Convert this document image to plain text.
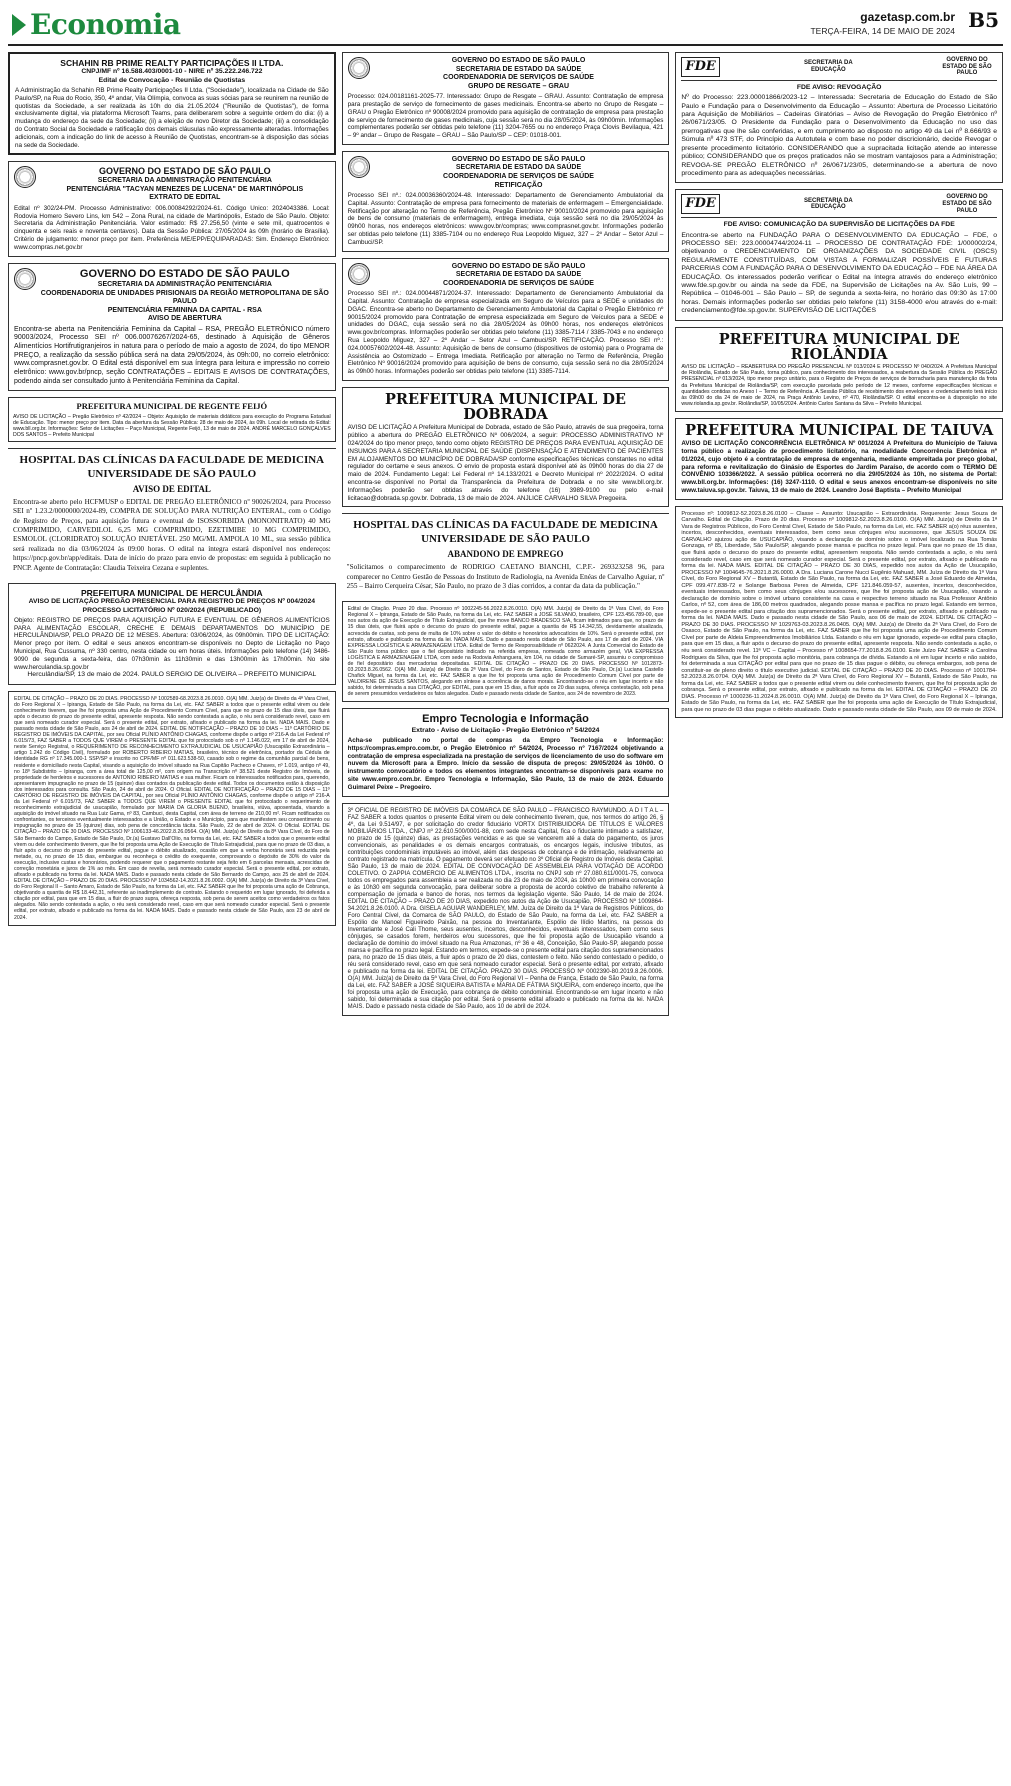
Economia	gazetasp.com.br
TERÇA-FEIRA, 14 DE MAIO DE 2024 B5
SCHAHIN RB PRIME REALTY PARTICIPAÇÕES II LTDA.
CNPJ/MF nº 16.588.403/0001-10 - NIRE nº 35.222.246.722
Edital de Convocação - Reunião de Quotistas
A Administração da Schahin RB Prime Realty Participações II Ltda. ("Sociedade"), localizada na Cidade de São Paulo/SP, na Rua do Rocio, 350, 4º andar, Vila Olímpia, convoca as suas sócias para se reunirem na reunião de quotistas da Sociedade, a ser realizada às 10h do dia 21.05.2024 ("Reunião de Quotistas"), de forma exclusivamente digital, via plataforma Microsoft Teams, para deliberarem sobre a seguinte ordem do dia: (i) a mudança do endereço da sede da Sociedade; (ii) a eleição de novo Diretor da Sociedade; (iii) a consolidação do Contrato Social da Sociedade e ratificação dos demais cláusulas não expressamente alteradas. Informações adicionais, com a indicação do link de acesso à Reunião de Quotistas, encontram-se à disposição das sócias na sede da Sociedade.
GOVERNO DO ESTADO DE SÃO PAULO
SECRETARIA DA ADMINISTRAÇÃO PENITENCIÁRIA
PENITENCIÁRIA "TACYAN MENEZES DE LUCENA" DE MARTINÓPOLIS
EXTRATO DE EDITAL
Edital nº 302/24-PM. Processo Administrativo: 006.00084292/2024-61. Código Unico: 2024043386. Local: Rodovia Homero Severo Lins, km 542 – Zona Rural, na cidade de Martinópolis, Estado de São Paulo. Objeto: Secretaria da Administração Penitenciária. Valor estimado: R$ 27.256,50 (vinte e sete mil, quatrocentos e cinquenta e seis reais e noventa centavos). Data da Sessão Pública: 27/05/2024 às 09h (horário de Brasília). Critério de julgamento: menor preço por item. Preferência ME/EPP/EQUIPARADAS: Sim. Endereço Eletrônico: www.compras.net.gov.br
GOVERNO DO ESTADO DE SÃO PAULO
SECRETARIA DA ADMINISTRAÇÃO PENITENCIÁRIA
COORDENADORIA DE UNIDADES PRISIONAIS DA REGIÃO METROPOLITANA DE SÃO PAULO
PENITENCIÁRIA FEMININA DA CAPITAL - RSA
AVISO DE ABERTURA
Encontra-se aberta na Penitenciária Feminina da Capital – RSA, PREGÃO ELETRÔNICO número 90003/2024, Processo SEI nº 006.00076267/2024-65, destinado à Aquisição de Gêneros Alimentícios Hortifrutigranjeiros in natura para o período de maio a agosto de 2024, do tipo MENOR PREÇO, a realização da sessão pública será na data 29/05/2024, às 09h:00, no correio eletrônico: www.comprasnet.gov.br. O Edital está disponível em sua íntegra para leitura e impressão no correio eletrônico: www.gov.br/pncp, seção CONTRATAÇÕES – EDITAIS E AVISOS DE CONTRATAÇÕES, podendo ainda ser consultado junto à Penitenciária Feminina da Capital.
PREFEITURA MUNICIPAL DE REGENTE FEIJÓ
AVISO DE LICITAÇÃO – Pregão Eletrônico nº 42/2024 – Objeto: Aquisição de materiais didáticos para execução do Programa Estadual de Educação. Tipo: menor preço por item. Data da abertura da Sessão Pública: 28 de maio de 2024, às 09h. Local de retirada do Edital: www.bll.org.br. Informações: Setor de Licitações – Paço Municipal, Regente Feijó, 13 de maio de 2024. ANDRÉ MARCELO GONÇALVES DOS SANTOS – Prefeito Municipal
HOSPITAL DAS CLÍNICAS DA FACULDADE DE MEDICINA UNIVERSIDADE DE SÃO PAULO
AVISO DE EDITAL
Encontra-se aberto pelo HCFMUSP o EDITAL DE PREGÃO ELETRÔNICO nº 90026/2024, para Processo SEI nº 1.23.2/0000000/2024-89, COMPRA DE SOLUÇÃO PARA NUTRIÇÃO ENTERAL, com o Código de Registro de Preços, para aquisição futura e eventual de ISOSSORBIDA (MONONITRATO) 40 MG COMPRIMIDO, CARVEDILOL 6,25 MG COMPRIMIDO, EZETIMIBE 10 MG COMPRIMIDO, ESMOLOL (CLORIDRATO) SOLUÇÃO INJETÁVEL 250 MG/ML AMPOLA 10 ML, sua sessão pública será realizada no dia 03/06/2024 às 09:00 horas. O edital na íntegra estará disponível nos endereços: https://pncp.gov.br/app/editais. Data de início do prazo para envio de propostas: em seguida à publicação no PNCP. Agente de Contratação: Claudia Teixeira Cezana e suplentes.
PREFEITURA MUNICIPAL DE HERCULÂNDIA
AVISO DE LICITAÇÃO PREGÃO PRESENCIAL PARA REGISTRO DE PREÇOS Nº 004/2024
PROCESSO LICITATÓRIO Nº 020/2024 (REPUBLICADO)
Objeto: REGISTRO DE PREÇOS PARA AQUISIÇÃO FUTURA E EVENTUAL DE GÊNEROS ALIMENTÍCIOS PARA ALIMENTAÇÃO ESCOLAR, CRECHE E DEMAIS DEPARTAMENTOS DO MUNICÍPIO DE HERCULÂNDIA/SP, PELO PRAZO DE 12 MESES. Abertura: 03/06/2024, às 09h00min. TIPO DE LICITAÇÃO: Menor preço por item. O edital e seus anexos encontram-se disponíveis no Depto de Licitação no Paço Municipal, Rua Cussuma, nº 330 centro, nesta cidade ou em horas úteis. Informações pelo telefone (14) 3486-9090 de segunda a sexta-feira, das 07h30min às 11h30min e das 13h00min às 17h00min. No site www.herculandia.sp.gov.br
Herculândia/SP, 13 de maio de 2024. PAULO SERGIO DE OLIVEIRA – PREFEITO MUNICIPAL
EDITAL DE CITAÇÃO – PRAZO DE 20 DIAS. PROCESSO Nº 1002589-68.2023.8.26.0010. O(A) MM. Juiz(a) de Direito da 4ª Vara Cível, do Foro Regional X – Ipiranga, Estado de São Paulo, na forma da Lei, etc. FAZ SABER a todos que o presente edital virem ou dele conhecimento tiverem, que lhe foi proposta uma Ação de Procedimento Comum Cível, para que no prazo de 15 dias úteis, que fluirá após o decurso do prazo do presente edital, apresente resposta. Não sendo contestada a ação, o réu será considerado revel, caso em que será nomeado curador especial. Será o presente edital, por extrato, afixado e publicado na forma da lei. NADA MAIS. Dado e passado nesta cidade de São Paulo, aos 24 de abril de 2024. EDITAL DE NOTIFICAÇÃO – PRAZO DE 10 DIAS – 11º CARTÓRIO DE REGISTRO DE IMÓVEIS DA CAPITAL, por seu Oficial PLÍNIO ANTÔNIO CHAGAS, conforme dispõe o artigo nº 216-A da Lei Federal nº 6.015/73, FAZ SABER a TODOS QUE VIREM o PRESENTE EDITAL que foi protocolado sob o nº 1.146.022, em 17 de abril de 2024, neste Serviço Registral, o REQUERIMENTO DE RECONHECIMENTO EXTRAJUDICIAL DE USUCAPIÃO (Usucapião Extraordinária – artigo 1.242 do Código Civil), formulado por ROBERTO RIBEIRO MATIAS, brasileiro, técnico de eletrônica, portador da Cédula de Identidade RG nº 17.345.000-1 SSP/SP e inscrito no CPF/MF nº 011.623.538-50, casado sob o regime da comunhão parcial de bens, residente e domiciliado nesta Capital, visando a aquisição do imóvel situado na Rua Capitão Pacheco e Chaves, nº 1.019, antigo nº 49, no 18º Subdistrito – Ipiranga, com a área total de 125,00 m², com origem na Transcrição nº 38.521 deste Registro de Imóveis, de propriedade de herdeiros e sucessores de ANTONIO RIBEIRO MATIAS e sua mulher. Ficam os interessados notificados para, querendo, apresentarem impugnação no prazo de 15 (quinze) dias contados da publicação deste edital. Todos os documentos estão à disposição dos interessados para consulta. São Paulo, 24 de abril de 2024. O Oficial. EDITAL DE NOTIFICAÇÃO – PRAZO DE 15 DIAS – 11º CARTÓRIO DE REGISTRO DE IMÓVEIS DA CAPITAL, por seu Oficial PLÍNIO ANTÔNIO CHAGAS, conforme dispõe o artigo nº 216-A da Lei Federal nº 6.015/73, FAZ SABER a TODOS QUE VIREM o PRESENTE EDITAL que foi protocolado o requerimento de reconhecimento extrajudicial de usucapião, formulado por MARIA DA GLORIA BUENO, brasileira, viúva, aposentada, visando a aquisição do imóvel situado na Rua Luiz Gama, nº 83, Cambuci, desta Capital, com área de terreno de 210,00 m². Ficam notificados os confrontantes, os terceiros eventualmente interessados e a União, o Estado e o Município, para que manifestem seu consentimento ou impugnação no prazo de 15 (quinze) dias, sob pena de concordância tácita. São Paulo, 22 de abril de 2024. O Oficial. EDITAL DE CITAÇÃO – PRAZO DE 30 DIAS. PROCESSO Nº 1006133-46.2022.8.26.0564. O(A) MM. Juiz(a) de Direito da 8ª Vara Cível, do Foro de São Bernardo do Campo, Estado de São Paulo, Dr.(a) Gustavo Dall'Olio, na forma da Lei, etc. FAZ SABER a todos que o presente edital virem ou dele conhecimento tiverem, que lhe foi proposta uma Ação de Execução de Título Extrajudicial, para que no prazo de 03 dias, a fluir após o decurso do prazo do presente edital, pague o débito atualizado, ocasião em que a verba honorária será reduzida pela metade, ou, no prazo de 15 dias, embargue ou reconheça o crédito do exequente, comprovando o depósito de 30% do valor da execução, inclusive custas e honorários, podendo requerer que o pagamento restante seja feito em 6 parcelas mensais, acrescidas de correção monetária e juros de 1% ao mês. Em caso de revelia, será nomeado curador especial. Será o presente edital, por extrato, afixado e publicado na forma da lei. NADA MAIS. Dado e passado nesta cidade de São Bernardo do Campo, aos 25 de abril de 2024. EDITAL DE CITAÇÃO – PRAZO DE 20 DIAS. PROCESSO Nº 1034562-14.2021.8.26.0002. O(A) MM. Juiz(a) de Direito da 3ª Vara Cível, do Foro Regional II – Santo Amaro, Estado de São Paulo, na forma da Lei, etc. FAZ SABER que lhe foi proposta uma ação de Cobrança, objetivando a quantia de R$ 18.442,31, referente ao inadimplemento de contrato. Estando o requerido em lugar ignorado, foi deferida a citação por edital, para que em 15 dias, a fluir do prazo supra, ofereça resposta, sob pena de serem aceitos como verdadeiros os fatos alegados. Não sendo contestada a ação, o réu será considerado revel, caso em que será nomeado curador especial. Será o presente edital, por extrato, afixado e publicado na forma da lei. NADA MAIS. Dado e passado nesta cidade de São Paulo, aos 23 de abril de 2024.
GOVERNO DO ESTADO DE SÃO PAULO
SECRETARIA DE ESTADO DA SAÚDE
COORDENADORIA DE SERVIÇOS DE SAÚDE
GRUPO DE RESGATE – GRAU
Processo: 024.00181161-2025-77. Interessado: Grupo de Resgate – GRAU. Assunto: Contratação de empresa para prestação de serviço de fornecimento de gases medicinais. Encontra-se aberto no Grupo de Resgate – GRAU o Pregão Eletrônico nº 90008/2024 promovido para aquisição de contratação de empresa para prestação de serviço de fornecimento de gases medicinais, cuja sessão será no dia 28/05/2024, às 09h00min. Informações complementares poderão ser obtidas pelo telefone (11) 3204-7655 ou no endereço Praça Clovis Bevilaqua, 421 – 9º andar – Grupo de Resgate – GRAU – São Paulo/SP – CEP: 01018-001.
GOVERNO DO ESTADO DE SÃO PAULO
SECRETARIA DE ESTADO DA SAÚDE
COORDENADORIA DE SERVIÇOS DE SAÚDE
RETIFICAÇÃO
Processo SEI nº.: 024.00036360/2024-48. Interessado: Departamento de Gerenciamento Ambulatorial da Capital. Assunto: Contratação de empresa para fornecimento de materiais de enfermagem – Emergencialidade. Retificação por alteração no Termo de Referência, Pregão Eletrônico Nº 90010/2024 promovido para aquisição de bens de consumo (materiais de enfermagem), entrega imediata, cuja sessão será no dia 29/05/2024 às 09h00 horas, nos endereços eletrônicos: www.gov.br/compras; www.comprasnet.gov.br. Informações poderão ser obtidas pelo telefone (11) 3385-7104 ou no endereço Rua Leopoldo Miguez, 327 – 2º Andar – Setor Azul – Cambuci/SP.
GOVERNO DO ESTADO DE SÃO PAULO
SECRETARIA DE ESTADO DA SAÚDE
COORDENADORIA DE SERVIÇOS DE SAÚDE
Processo SEI nº.: 024.00044871/2024-37. Interessado: Departamento de Gerenciamento Ambulatorial da Capital. Assunto: Contratação de empresa especializada em Seguro de Veículos para a SEDE e unidades do DGAC. Encontra-se aberto no Departamento de Gerenciamento Ambulatorial da Capital o Pregão Eletrônico nº 90015/2024 promovido para Contratação de empresa especializada em Seguro de Veículos para a SEDE e unidades do DGAC, cuja sessão será no dia 28/05/2024 às 09h00 horas, nos endereços eletrônicos www.gov.br/compras. Informações poderão ser obtidas pelo telefone (11) 3385-7114 / 3385-7043 e no endereço Rua Leopoldo Miguez, 327 – 2º Andar – Setor Azul – Cambuci/SP. RETIFICAÇÃO. Processo SEI nº.: 024.00057602/2024-48. Assunto: Aquisição de bens de consumo (dispositivos de ostomia) para o Programa de Assistência ao Ostomizado – Entrega Imediata. Retificação por alteração no Termo de Referência, Pregão Eletrônico Nº 90016/2024 promovido para aquisição de bens de consumo, cuja sessão será no dia 28/05/2024 às 09h00 horas. Informações poderão ser obtidas pelo telefone (11) 3385-7114.
PREFEITURA MUNICIPAL DE DOBRADA
AVISO DE LICITAÇÃO A Prefeitura Municipal de Dobrada, estado de São Paulo, através de sua pregoeira, torna público a abertura do PREGÃO ELETRÔNICO Nº 006/2024, a seguir: PROCESSO ADMINISTRATIVO Nº 024/2024 do tipo menor preço, tendo como objeto REGISTRO DE PREÇOS PARA EVENTUAL AQUISIÇÃO DE INSUMOS PARA A SECRETARIA MUNICIPAL DE SAÚDE (DISPENSAÇÃO E ATENDIMENTO DE PACIENTES EM ALOJAMENTOS DO MUNICÍPIO DE DOBRADA/SP conforme especificações técnicas constantes no edital regulador do certame e seus anexos. O envio de proposta estará disponível até às 09h00 horas do dia 27 de maio de 2024. Fundamento Legal: Lei Federal nº 14.133/2021 e Decreto Municipal nº 2022/2024. O edital encontra-se disponível no Portal da Transparência da Prefeitura de Dobrada e no site www.bll.org.br. Informações poderão ser obtidas através do telefone (16) 3989-9100 ou pelo e-mail licitacao@dobrada.sp.gov.br. Dobrada, 13 de maio de 2024. ANJLICE CARVALHO SILVA Pregoeira.
HOSPITAL DAS CLÍNICAS DA FACULDADE DE MEDICINA UNIVERSIDADE DE SÃO PAULO
ABANDONO DE EMPREGO
"Solicitamos o comparecimento de RODRIGO CAETANO BIANCHI, C.P.F.- 269323258 96, para comparecer no Centro Gestão de Pessoas do Instituto de Radiologia, na Avenida Enéas de Carvalho Aguiar, nº 255 – Bairro Cerqueira César, São Paulo, no prazo de 3 dias corridos, a contar da data da publicação."
Edital de Citação. Prazo 20 dias. Processo nº 1002245-56.2022.8.26.0010. O(A) MM. Juiz(a) de Direito da 1ª Vara Cível, do Foro Regional X – Ipiranga, Estado de São Paulo, na forma da Lei, etc. FAZ SABER a JOSÉ SILVANO, brasileiro, CPF 123.456.789-00, que nos autos da ação de Execução de Título Extrajudicial, que lhe move BANCO BRADESCO S/A, ficam intimados para que, no prazo de 15 dias úteis, que fluirá após o decurso do prazo do presente edital, pague a quantia de R$ 14.342,55, devidamente atualizada, acrescida de custas, sob pena de multa de 10% sobre o valor do débito e honorários advocatícios de 10%. Será o presente edital, por extrato, afixado e publicado na forma da lei. NADA MAIS. Dado e passado nesta cidade de São Paulo, aos 17 de abril de 2024. VIA EXPRESSA LOGÍSTICA E ARMAZENAGEM LTDA. Edital de Termo de Responsabilidade nº 0622024. A Junta Comercial do Estado de São Paulo torna público que o fiel depositário indicado na referida empresa, nomeada como armazém geral, VIA EXPRESSA LOGÍSTICA E ARMAZENAGEM LTDA, com sede na Rodovia Anhanguera, km 104, na cidade de Sumaré-SP, assumiu o compromisso de fiel depositário das mercadorias depositadas. EDITAL DE CITAÇÃO – PRAZO DE 20 DIAS. PROCESSO Nº 1012873-03.2023.8.26.0562. O(A) MM. Juiz(a) de Direito da 2ª Vara Cível, do Foro de Santos, Estado de São Paulo, Dr.(a) Luciana Castello Chafick Miguel, na forma da Lei, etc. FAZ SABER a que lhe foi proposta uma ação de Procedimento Comum Cível por parte de VALDIRENE DE JESUS SANTOS, alegando em síntese a ocorrência de danos morais. Encontrando-se o réu em lugar incerto e não sabido, foi determinada a sua CITAÇÃO, por EDITAL, para que em 15 dias, a fluir após os 20 dias supra, ofereça contestação, sob pena de serem presumidos verdadeiros os fatos alegados. Dado e passado nesta cidade de Santos, aos 24 de novembro de 2023.
Empro Tecnologia e Informação
Extrato - Aviso de Licitação - Pregão Eletrônico nº 54/2024
Acha-se publicado no portal de compras da Empro Tecnologia e Informação: https://compras.empro.com.br, o Pregão Eletrônico nº 54/2024, Processo nº 7167/2024 objetivando a contratação de empresa especializada na prestação de serviços de licenciamento de uso do software em nuvem da Microsoft para a Empro. Início da sessão de disputa de preços: 29/05/2024 às 10h00. O instrumento convocatório e todos os elementos integrantes encontram-se disponíveis para exame no site www.empro.com.br. Empro Tecnologia e Informação, São Paulo, 13 de maio de 2024. Eduardo Guimarel Peixe – Pregoeiro.
3º OFICIAL DE REGISTRO DE IMÓVEIS DA COMARCA DE SÃO PAULO – FRANCISCO RAYMUNDO. A D I T A L – FAZ SABER a todos quantos o presente Edital virem ou dele conhecimento tiverem, que, nos termos do artigo 26, § 4º, da Lei 9.514/97, e por solicitação do credor fiduciário VORTX DISTRIBUIDORA DE TÍTULOS E VALORES MOBILIÁRIOS LTDA., CNPJ nº 22.610.500/0001-88, com sede nesta Capital, fica o fiduciante intimado a satisfazer, no prazo de 15 (quinze) dias, as prestações vencidas e as que se vencerem até a data do pagamento, os juros convencionais, as penalidades e os demais encargos contratuais, os encargos legais, inclusive tributos, as contribuições condominiais imputáveis ao imóvel, além das despesas de cobrança e de intimação, relativamente ao contrato registrado na matrícula. O pagamento deverá ser efetuado no 3º Oficial de Registro de Imóveis desta Capital. São Paulo, 13 de maio de 2024. EDITAL DE CONVOCAÇÃO DE ASSEMBLEIA PARA VOTAÇÃO DE ACORDO COLETIVO. O ZAPPIA COMERCIO DE ALIMENTOS LTDA., inscrita no CNPJ sob nº 27.080.611/0001-75, convoca todos os empregados para assembleia a ser realizada no dia 23 de maio de 2024, às 10h00 em primeira convocação e às 10h30 em segunda convocação, para deliberar sobre a proposta de acordo coletivo de trabalho referente à compensação de jornada e banco de horas, nos termos da legislação vigente. São Paulo, 14 de maio de 2024. EDITAL DE CITAÇÃO – PRAZO DE 20 DIAS, expedido nos autos da Ação de Usucapião, PROCESSO Nº 1009864-34.2021.8.26.0100. A Dra. GISELA AGUIAR WANDERLEY, MM. Juíza de Direito da 1ª Vara de Registros Públicos, do Foro Central Cível, da Comarca de SÃO PAULO, do Estado de São Paulo, na forma da Lei, etc. FAZ SABER a Espólio de Manoel Figueiredo Paixão, na pessoa do Inventariante, Espólio de Ilídio Martins, na pessoa do Inventariante e José Cali Thome, seus ausentes, incertos, desconhecidos, eventuais interessados, bem como seus cônjuges, se casados forem, herdeiros e/ou sucessores, que lhe foi proposta ação de Usucapião visando a declaração de domínio do imóvel situado na Rua Amazonas, nº 36 e 48, Conceição, São Paulo-SP, alegando posse mansa e pacífica no prazo legal. Estando em termos, expede-se o presente edital para citação dos supramencionados para, no prazo de 15 dias úteis, a fluir após o prazo de 20 dias, contestem o feito. Não sendo contestado o pedido, o réu será considerado revel, caso em que será nomeado curador especial. Será o presente edital, por extrato, afixado e publicado na forma da lei. EDITAL DE CITAÇÃO. PRAZO 30 DIAS. PROCESSO Nº 0002390-80.2019.8.26.0006. O(A) MM. Juiz(a) de Direito da 5ª Vara Cível, do Foro Regional VI – Penha de França, Estado de São Paulo, na forma da Lei, etc. FAZ SABER a JOSÉ SIQUEIRA BATISTA e MARIA DE FÁTIMA SIQUEIRA, com endereço incerto, que lhe foi proposta uma ação de Execução, para cobrança de débito condominial. Encontrando-se em lugar incerto e não sabido, foi determinada a sua citação por edital. Será o presente edital afixado e publicado na forma da lei. NADA MAIS. Dado e passado nesta cidade de São Paulo, aos 10 de abril de 2024.
FDE	SECRETARIA DA EDUCAÇÃO
GOVERNO DO ESTADO DE SÃO PAULO
FDE AVISO: REVOGAÇÃO
Nº do Processo: 223.00001866/2023-12 – Interessada: Secretaria de Educação do Estado de São Paulo e Fundação para o Desenvolvimento da Educação – Assunto: Abertura de Processo Licitatório para Aquisição de Mobiliários – Cadeiras Giratórias – Aviso de Revogação do Pregão Eletrônico nº 26/0671/23/05. O Presidente da Fundação para o Desenvolvimento da Educação no uso das prerrogativas que lhe são conferidas, e em cumprimento ao disposto no artigo 49 da Lei nº 8.666/93 e Súmula nº 473 STF, do Princípio da Autotutela e com base no poder discricionário, decide Revogar o presente procedimento licitatório. CONSIDERANDO que a supracitada licitação atende ao interesse público; CONSIDERANDO que os preços praticados não se mostram vantajosos para a Administração; REVOGA-SE PREGÃO ELETRÔNICO nº 26/0671/23/05, determinando-se a abertura de novo procedimento para as adequações necessárias.
FDE	SECRETARIA DA EDUCAÇÃO
GOVERNO DO ESTADO DE SÃO PAULO
FDE AVISO: COMUNICAÇÃO DA SUPERVISÃO DE LICITAÇÕES DA FDE
Encontra-se aberto na FUNDAÇÃO PARA O DESENVOLVIMENTO DA EDUCAÇÃO – FDE, o PROCESSO SEI: 223.00004744/2024-11 – PROCESSO DE CONTRATAÇÃO FDE: 1/000002/24, objetivando o CREDENCIAMENTO DE ORGANIZAÇÕES DA SOCIEDADE CIVIL (OSCS) REGULARMENTE CONSTITUÍDAS, COM VISTAS A FORMALIZAR POSSÍVEIS E FUTURAS PARCERIAS COM A FUNDAÇÃO PARA O DESENVOLVIMENTO DA EDUCAÇÃO – FDE NA ÁREA DA EDUCAÇÃO. Os interessados poderão verificar o Edital na íntegra através do endereço eletrônico www.fde.sp.gov.br ou ainda na sede da FDE, na Supervisão de Licitações na Av. São Luís, 99 – República – 01046-001 – São Paulo – SP, de segunda a sexta-feira, no horário das 09:30 às 17:00 horas. Demais informações poderão ser obtidas pelo telefone (11) 3158-4000 e/ou através do e-mail: credenciamento@fde.sp.gov.br. SUPERVISÃO DE LICITAÇÕES
PREFEITURA MUNICIPAL DE RIOLÂNDIA
AVISO DE LICITAÇÃO – REABERTURA DO PREGÃO PRESENCIAL Nº 013/2024 E PROCESSO Nº 040/2024. A Prefeitura Municipal de Riolândia, Estado de São Paulo, torna público, para conhecimento dos interessados, a reabertura da Sessão Pública do PREGÃO PRESENCIAL nº 013/2024, tipo menor preço unitário, para o Registro de Preços de serviços de borracharia para manutenção da frota da Prefeitura Municipal de Riolândia/SP, com execução parcelada pelo período de 12 meses, conforme especificações técnicas e quantidades contidas no Anexo I – Termo de Referência. A Sessão Pública de recebimento dos envelopes e credenciamento terá início às 09h00 do dia 24 de maio de 2024, na Praça Antônio Levino, nº 470, Riolândia/SP. O edital encontra-se à disposição no site www.riolandia.sp.gov.br. Riolândia/SP, 10/05/2024. Antônio Carlos Santana da Silva – Prefeito Municipal.
PREFEITURA MUNICIPAL DE TAIUVA
AVISO DE LICITAÇÃO CONCORRÊNCIA ELETRÔNICA Nº 001/2024 A Prefeitura do Município de Taiuva torna público a realização de procedimento licitatório, na modalidade Concorrência Eletrônica nº 01/2024, cujo objeto é a contratação de empresa de engenharia, mediante empreitada por preço global, para reforma e revitalização do Ginásio de Esportes do Jardim Paraíso, de acordo com o TERMO DE CONVÊNIO 103366/2022. A sessão pública ocorrerá no dia 29/05/2024 às 10h, no sistema de Portal: www.bll.org.br. Informações: (16) 3247-1110. O edital e seus anexos encontram-se disponíveis no site www.taiuva.sp.gov.br. Taiuva, 13 de maio de 2024. Leandro José Baptista – Prefeito Municipal
Processo nº: 1009812-52.2023.8.26.0100 – Classe – Assunto: Usucapião – Extraordinária. Requerente: Jesus Souza de Carvalho. Edital de Citação. Prazo de 20 dias. Processo nº 1009812-52.2023.8.26.0100. O(A) MM. Juiz(a) de Direito da 1ª Vara de Registros Públicos, do Foro Central Cível, Estado de São Paulo, na forma da Lei, etc. FAZ SABER a(o) réus ausentes, incertos, desconhecidos, eventuais interessados, bem como seus cônjuges e/ou sucessores, que JESUS SOUZA DE CARVALHO ajuizou ação de USUCAPIÃO, visando a declaração de domínio sobre o imóvel localizado na Rua Tomás Gonzaga, nº 85, Liberdade, São Paulo/SP, alegando posse mansa e pacífica no prazo legal. Para que no prazo de 15 dias, que fluirá após o decurso do prazo do presente edital, apresentem resposta. Não sendo contestada a ação, o réu será considerado revel, caso em que será nomeado curador especial. Será o presente edital, por extrato, afixado e publicado na forma da lei. NADA MAIS. EDITAL DE CITAÇÃO – PRAZO DE 30 DIAS, expedido nos autos da Ação de Usucapião, PROCESSO Nº 1004645-76.2021.8.26.0000. A Dra. Luciana Carone Nucci Eugênio Mahuad, MM. Juíza de Direito da 1ª Vara Cível, do Foro Regional XV – Butantã, Estado de São Paulo, na forma da Lei, etc. FAZ SABER a José Eduardo de Almeida, CPF 099.477.838-72 e Solange Barbosa Peres de Almeida, CPF 121.846.059-57, ausentes, incertos, desconhecidos, eventuais interessados, bem como seus cônjuges e/ou sucessores, que lhe foi proposta ação de Usucapião, visando a declaração de domínio sobre o imóvel urbano consistente na casa e respectivo terreno situado na Rua Professor Antônio Carlos, nº 52, com área de 186,00 metros quadrados, alegando posse mansa e pacífica no prazo legal. Estando em termos, expede-se o presente edital para citação dos supramencionados. Será o presente edital, por extrato, afixado e publicado na forma da lei. NADA MAIS. Dado e passado nesta cidade de São Paulo, aos 06 de maio de 2024. EDITAL DE CITAÇÃO – PRAZO DE 30 DIAS. PROCESSO Nº 1029763-03.2023.8.26.0405. O(A) MM. Juiz(a) de Direito da 2ª Vara Cível, do Foro de Osasco, Estado de São Paulo, na forma da Lei, etc. FAZ SABER que lhe foi proposta uma ação de Procedimento Comum Cível por parte de Aldeia Empreendimentos Imobiliários Ltda. Estando o réu em lugar ignorado, expede-se edital para citação, para que em 15 dias, a fluir após o decurso do prazo do presente edital, apresente resposta. Não sendo contestada a ação, o réu será considerado revel. 11ª VC – Capital – Processo nº 1008654-77.2018.8.26.0100. Este Juízo FAZ SABER a Carolina Rodrigues da Silva, que lhe foi proposta ação monitória, para cobrança de dívida. Estando a ré em lugar incerto e não sabido, foi determinada a sua CITAÇÃO por edital para que no prazo de 15 dias pague o débito, ou ofereça embargos, sob pena de constituir-se de pleno direito o título executivo judicial. EDITAL DE CITAÇÃO – PRAZO DE 20 DIAS. Processo nº 1001784-52.2023.8.26.0704. O(A) MM. Juiz(a) de Direito da 2ª Vara Cível, do Foro Regional XV – Butantã, Estado de São Paulo, na forma da Lei, etc. FAZ SABER a todos que o presente edital virem ou dele conhecimento tiverem, que lhe foi proposta ação de cobrança. Será o presente edital, por extrato, afixado e publicado na forma da lei. EDITAL DE CITAÇÃO – PRAZO DE 20 DIAS. Processo nº 1000236-11.2024.8.26.0010. O(A) MM. Juiz(a) de Direito da 1ª Vara Cível, do Foro Regional X – Ipiranga, Estado de São Paulo, na forma da Lei, etc. FAZ SABER que lhe foi proposta uma ação de Execução de Título Extrajudicial, para que no prazo de 03 dias pague o débito atualizado. Dado e passado nesta cidade de São Paulo, aos 09 de maio de 2024.
